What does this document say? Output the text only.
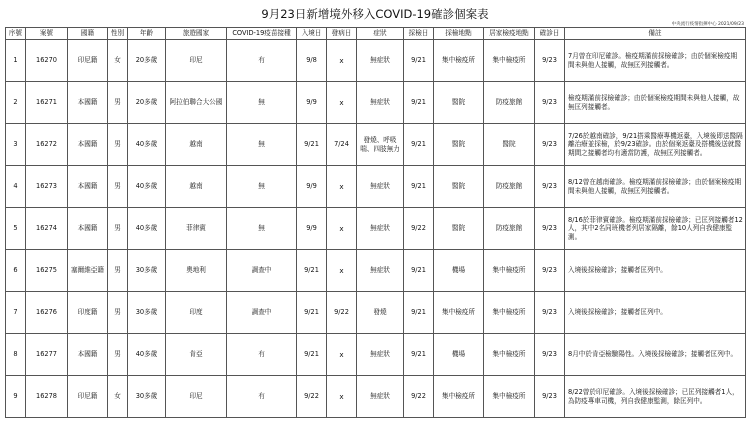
9月23日新增境外移入COVID-19確診個案表
中央流行疫情指揮中心 2021/09/23
序號	案號	國籍	性別	年齡	旅遊國家	COVID-19疫苗接種	入境日	發病日	症狀	採檢日	採檢地點	居家檢疫地點	確診日	備註
1	16270	印尼籍	女	20多歲	印尼	有	9/8	x	無症狀	9/21	集中檢疫所	集中檢疫所	9/23	7月曾在印尼確診。檢疫期滿前採檢確診；由於個案檢疫期間未與他人接觸，故無匡列接觸者。
2	16271	本國籍	男	20多歲	阿拉伯聯合大公國	無	9/9	x	無症狀	9/21	醫院	防疫旅館	9/23	檢疫期滿前採檢確診；由於個案檢疫期間未與他人接觸，故無匡列接觸者。
3	16272	本國籍	男	40多歲	越南	無	9/21	7/24	發燒、呼吸喘、四肢無力	9/21	醫院	醫院	9/23	7/26於越南確診，9/21搭乘醫療專機返臺，入境後即送醫隔離治療並採檢，於9/23確診。由於個案返臺及搭機後送就醫期間之接觸者均有適當防護，故無匡列接觸者。
4	16273	本國籍	男	40多歲	越南	無	9/9	x	無症狀	9/21	醫院	防疫旅館	9/23	8/12曾在越南確診。檢疫期滿前採檢確診；由於個案檢疫期間未與他人接觸，故無匡列接觸者。
5	16274	本國籍	男	40多歲	菲律賓	無	9/9	x	無症狀	9/22	醫院	防疫旅館	9/23	8/16於菲律賓確診。檢疫期滿前採檢確診；已匡列接觸者12人，其中2名同班機者列居家隔離，餘10人列自我健康監測。
6	16275	塞爾維亞籍	男	30多歲	奧地利	調查中	9/21	x	無症狀	9/21	機場	集中檢疫所	9/23	入境後採檢確診；接觸者匡列中。
7	16276	印度籍	男	30多歲	印度	調查中	9/21	9/22	發燒	9/21	集中檢疫所	集中檢疫所	9/23	入境後採檢確診；接觸者匡列中。
8	16277	本國籍	男	40多歲	肯亞	有	9/21	x	無症狀	9/21	機場	集中檢疫所	9/23	8月中於肯亞檢驗陽性。入境後採檢確診；接觸者匡列中。
9	16278	印尼籍	女	30多歲	印尼	有	9/22	x	無症狀	9/22	集中檢疫所	集中檢疫所	9/23	8/22曾於印尼確診。入境後採檢確診；已匡列接觸者1人，為防疫專車司機，列自我健康監測，餘匡列中。
